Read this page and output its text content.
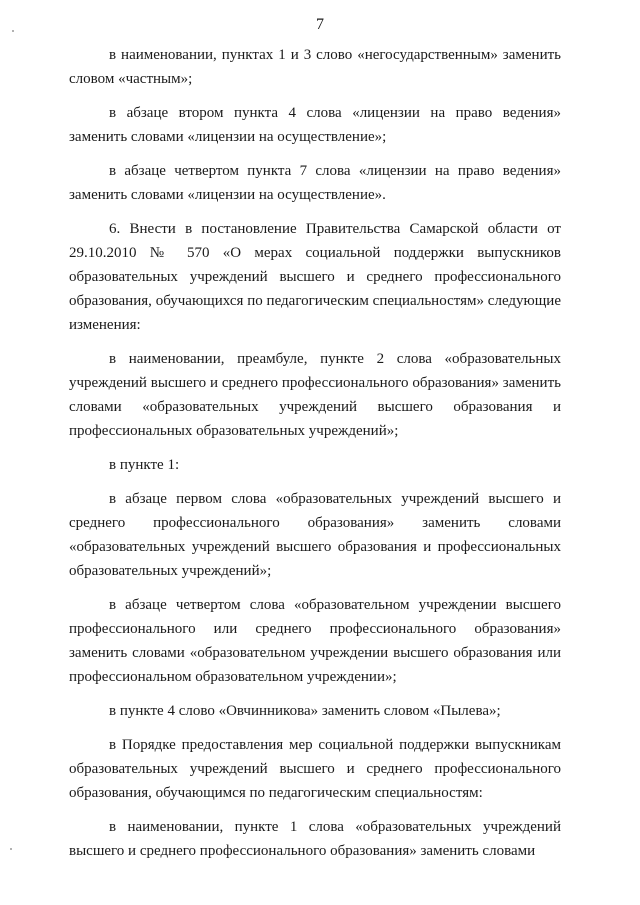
7

в наименовании, пунктах 1 и 3 слово «негосударственным» заменить словом «частным»;

в абзаце втором пункта 4 слова «лицензии на право ведения» заменить словами «лицензии на осуществление»;

в абзаце четвертом пункта 7 слова «лицензии на право ведения» заменить словами «лицензии на осуществление».

6. Внести в постановление Правительства Самарской области от 29.10.2010 № 570 «О мерах социальной поддержки выпускников образовательных учреждений высшего и среднего профессионального образования, обучающихся по педагогическим специальностям» следующие изменения:

в наименовании, преамбуле, пункте 2 слова «образовательных учреждений высшего и среднего профессионального образования» заменить словами «образовательных учреждений высшего образования и профессиональных образовательных учреждений»;

в пункте 1:

в абзаце первом слова «образовательных учреждений высшего и среднего профессионального образования» заменить словами «образовательных учреждений высшего образования и профессиональных образовательных учреждений»;

в абзаце четвертом слова «образовательном учреждении высшего профессионального или среднего профессионального образования» заменить словами «образовательном учреждении высшего образования или профессиональном образовательном учреждении»;

в пункте 4 слово «Овчинникова» заменить словом «Пылева»;

в Порядке предоставления мер социальной поддержки выпускникам образовательных учреждений высшего и среднего профессионального образования, обучающимся по педагогическим специальностям:

в наименовании, пункте 1 слова «образовательных учреждений высшего и среднего профессионального образования» заменить словами
